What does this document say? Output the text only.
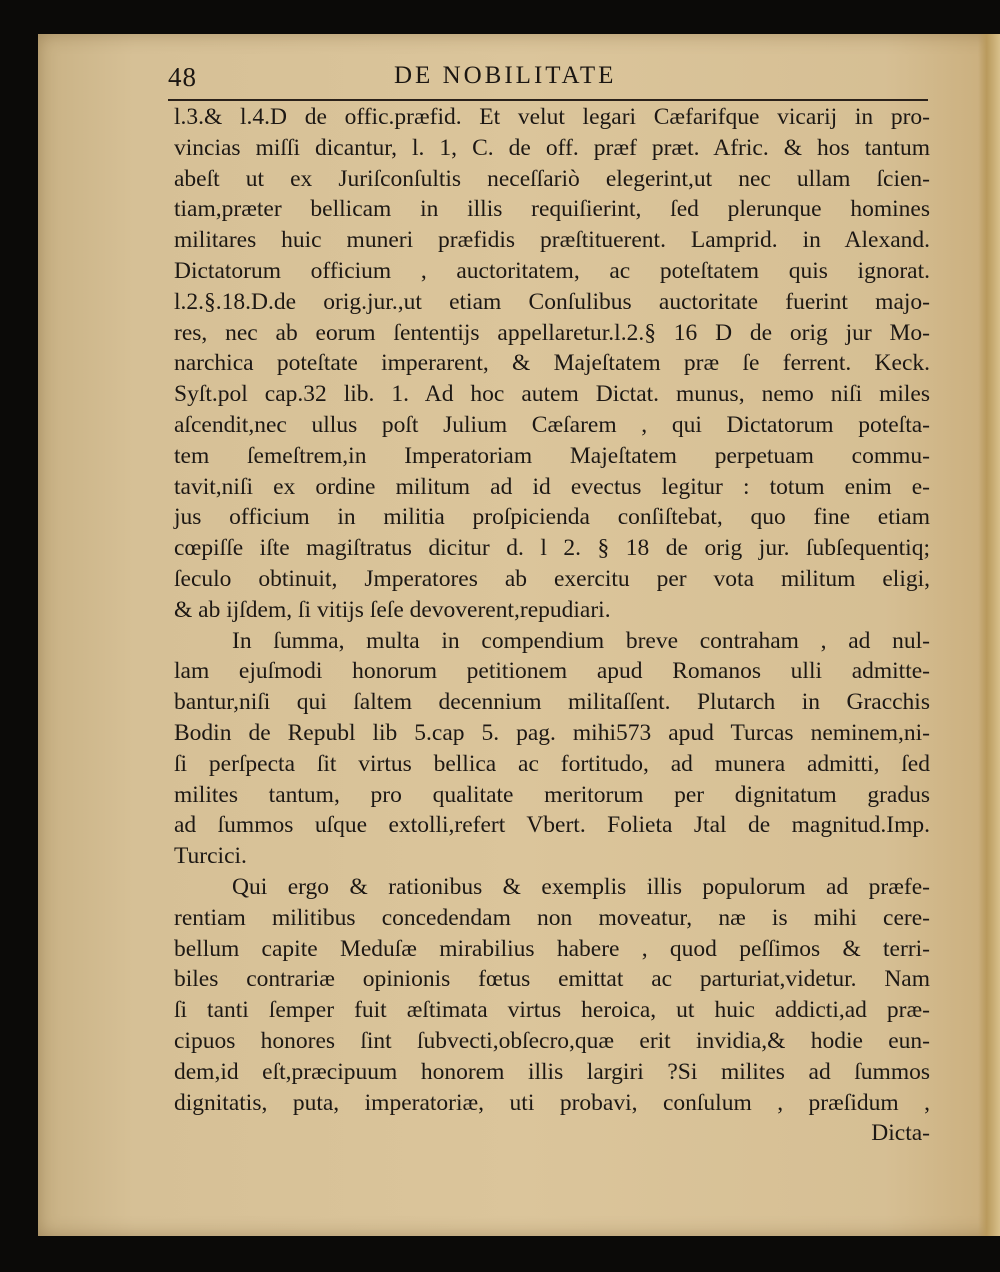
48	DE NOBILITATE
l.3.& l.4.D de offic.præfid. Et velut legari Cæfarifque vicarij in pro-
vincias miſſi dicantur, l. 1, C. de off. præf præt. Afric. & hos tantum
abeſt ut ex Juriſconſultis neceſſariò elegerint,ut nec ullam ſcien-
tiam,præter bellicam in illis requiſierint, ſed plerunque homines
militares huic muneri præfidis præſtituerent. Lamprid. in Alexand.
Dictatorum officium , auctoritatem, ac poteſtatem quis ignorat.
l.2.§.18.D.de orig.jur.,ut etiam Conſulibus auctoritate fuerint majo-
res, nec ab eorum ſententijs appellaretur.l.2.§ 16 D de orig jur Mo-
narchica poteſtate imperarent, & Majeſtatem præ ſe ferrent. Keck.
Syſt.pol cap.32 lib. 1. Ad hoc autem Dictat. munus, nemo niſi miles
aſcendit,nec ullus poſt Julium Cæſarem , qui Dictatorum poteſta-
tem ſemeſtrem,in Imperatoriam Majeſtatem perpetuam commu-
tavit,niſi ex ordine militum ad id evectus legitur : totum enim e-
jus officium in militia proſpicienda conſiſtebat, quo fine etiam
cœpiſſe iſte magiſtratus dicitur d. l 2. § 18 de orig jur. ſubſequentiq;
ſeculo obtinuit, Jmperatores ab exercitu per vota militum eligi,
& ab ijſdem, ſi vitijs ſeſe devoverent,repudiari.
In ſumma, multa in compendium breve contraham , ad nul-
lam ejuſmodi honorum petitionem apud Romanos ulli admitte-
bantur,niſi qui ſaltem decennium militaſſent. Plutarch in Gracchis
Bodin de Republ lib 5.cap 5. pag. mihi573 apud Turcas neminem,ni-
ſi perſpecta ſit virtus bellica ac fortitudo, ad munera admitti, ſed
milites tantum, pro qualitate meritorum per dignitatum gradus
ad ſummos uſque extolli,refert Vbert. Folieta Jtal de magnitud.Imp.
Turcici.
Qui ergo & rationibus & exemplis illis populorum ad præfe-
rentiam militibus concedendam non moveatur, næ is mihi cere-
bellum capite Meduſæ mirabilius habere , quod peſſimos & terri-
biles contrariæ opinionis fœtus emittat ac parturiat,videtur. Nam
ſi tanti ſemper fuit æſtimata virtus heroica, ut huic addicti,ad præ-
cipuos honores ſint ſubvecti,obſecro,quæ erit invidia,& hodie eun-
dem,id eſt,præcipuum honorem illis largiri ?Si milites ad ſummos
dignitatis, puta, imperatoriæ, uti probavi, conſulum , præſidum ,
Dicta-
